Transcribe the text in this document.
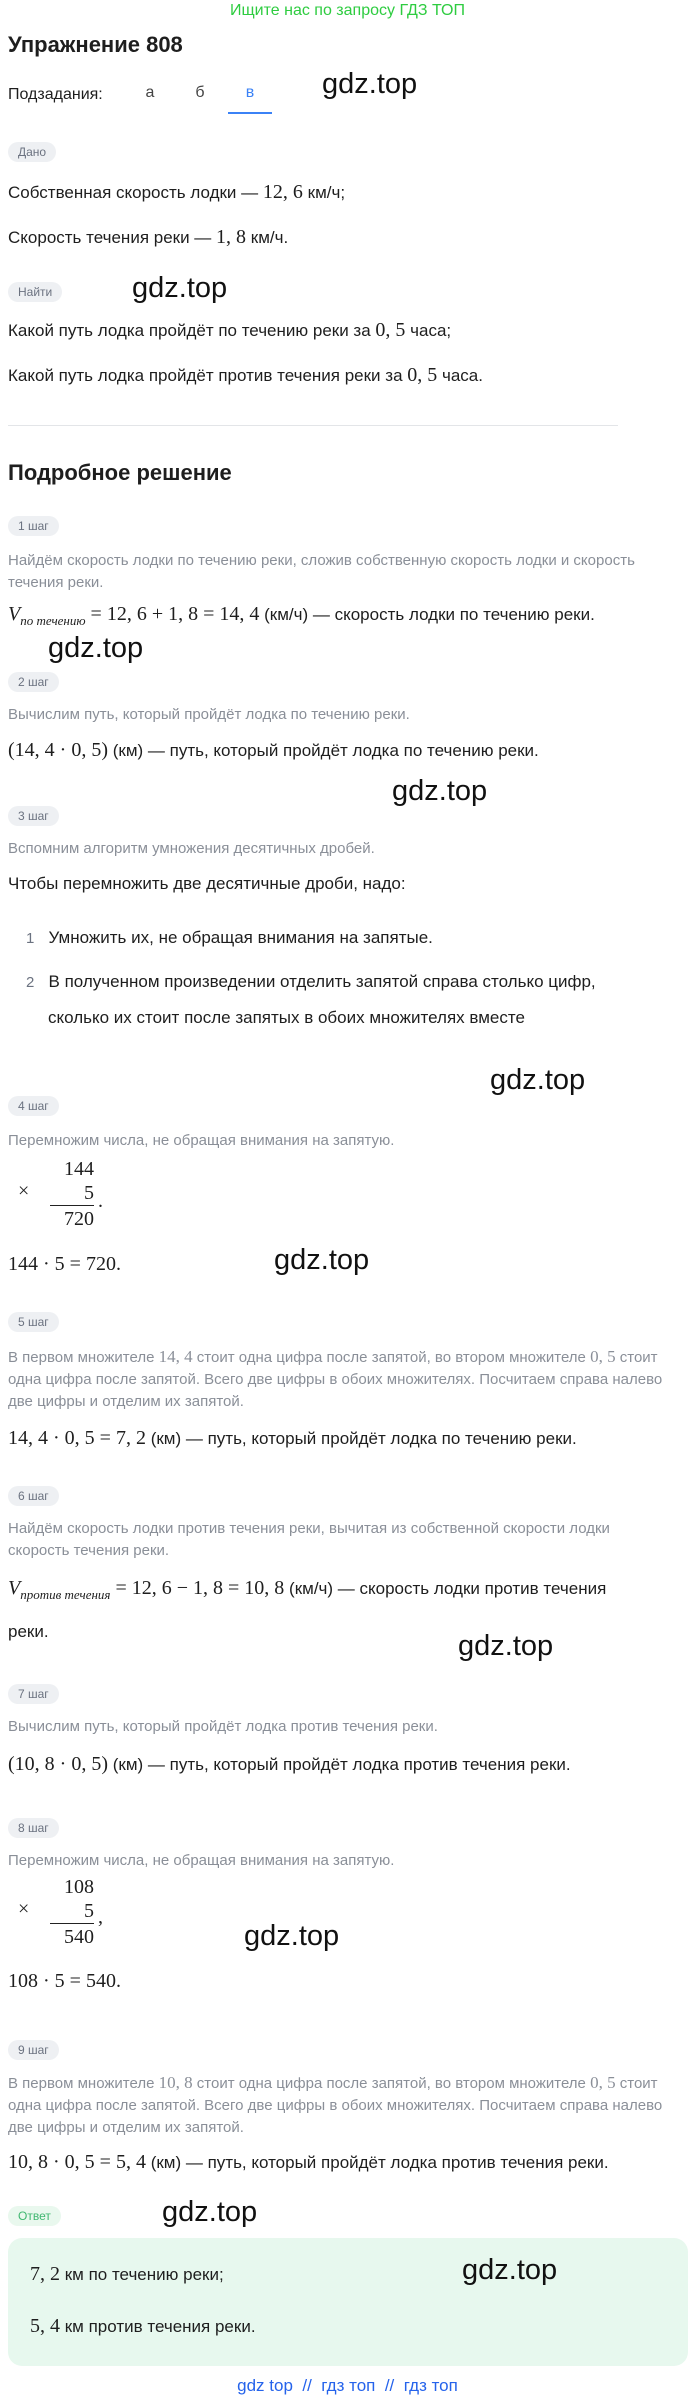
Ищите нас по запросу ГДЗ ТОП
Упражнение 808
Подзадания:	а	б	в	gdz.top
Дано
Собственная скорость лодки — 12, 6 км/ч;
Скорость течения реки — 1, 8 км/ч.
Найти	gdz.top
Какой путь лодка пройдёт по течению реки за 0, 5 часа;
Какой путь лодка пройдёт против течения реки за 0, 5 часа.
Подробное решение
1 шаг
Найдём скорость лодки по течению реки, сложив собственную скорость лодки и скорость течения реки.
$V_{по течению} = 12$, 6 + 1, 8 = 14, 4 (км/ч) — скорость лодки по течению реки.
gdz.top
2 шаг
Вычислим путь, который пройдёт лодка по течению реки.
(14, 4 · 0, 5) (км) — путь, который пройдёт лодка по течению реки.
gdz.top
3 шаг
Вспомним алгоритм умножения десятичных дробей.
Чтобы перемножить две десятичные дроби, надо:
1 Умножить их, не обращая внимания на запятые.
2 В полученном произведении отделить запятой справа столько цифр,
сколько их стоит после запятых в обоих множителях вместе
gdz.top
4 шаг
Перемножим числа, не обращая внимания на запятую.
×
144
5
720
.
144 · 5 = 720.	gdz.top
5 шаг
В первом множителе 14, 4 стоит одна цифра после запятой, во втором множителе 0, 5 стоит одна цифра после запятой. Всего две цифры в обоих множителях. Посчитаем справа налево две цифры и отделим их запятой.
14, 4 · 0, 5 = 7, 2 (км) — путь, который пройдёт лодка по течению реки.
6 шаг
Найдём скорость лодки против течения реки, вычитая из собственной скорости лодки скорость течения реки.
$V_{против течения} = 12$, 6 − 1, 8 = 10, 8 (км/ч) — скорость лодки против течения
реки.	gdz.top
7 шаг
Вычислим путь, который пройдёт лодка против течения реки.
(10, 8 · 0, 5) (км) — путь, который пройдёт лодка против течения реки.
8 шаг
Перемножим числа, не обращая внимания на запятую.
×
108
5
540
,
gdz.top
108 · 5 = 540.
9 шаг
В первом множителе 10, 8 стоит одна цифра после запятой, во втором множителе 0, 5 стоит одна цифра после запятой. Всего две цифры в обоих множителях. Посчитаем справа налево две цифры и отделим их запятой.
10, 8 · 0, 5 = 5, 4 (км) — путь, который пройдёт лодка против течения реки.
Ответ	gdz.top
7, 2 км по течению реки;	gdz.top
5, 4 км против течения реки.
gdz top  //  гдз топ  //  гдз топ
